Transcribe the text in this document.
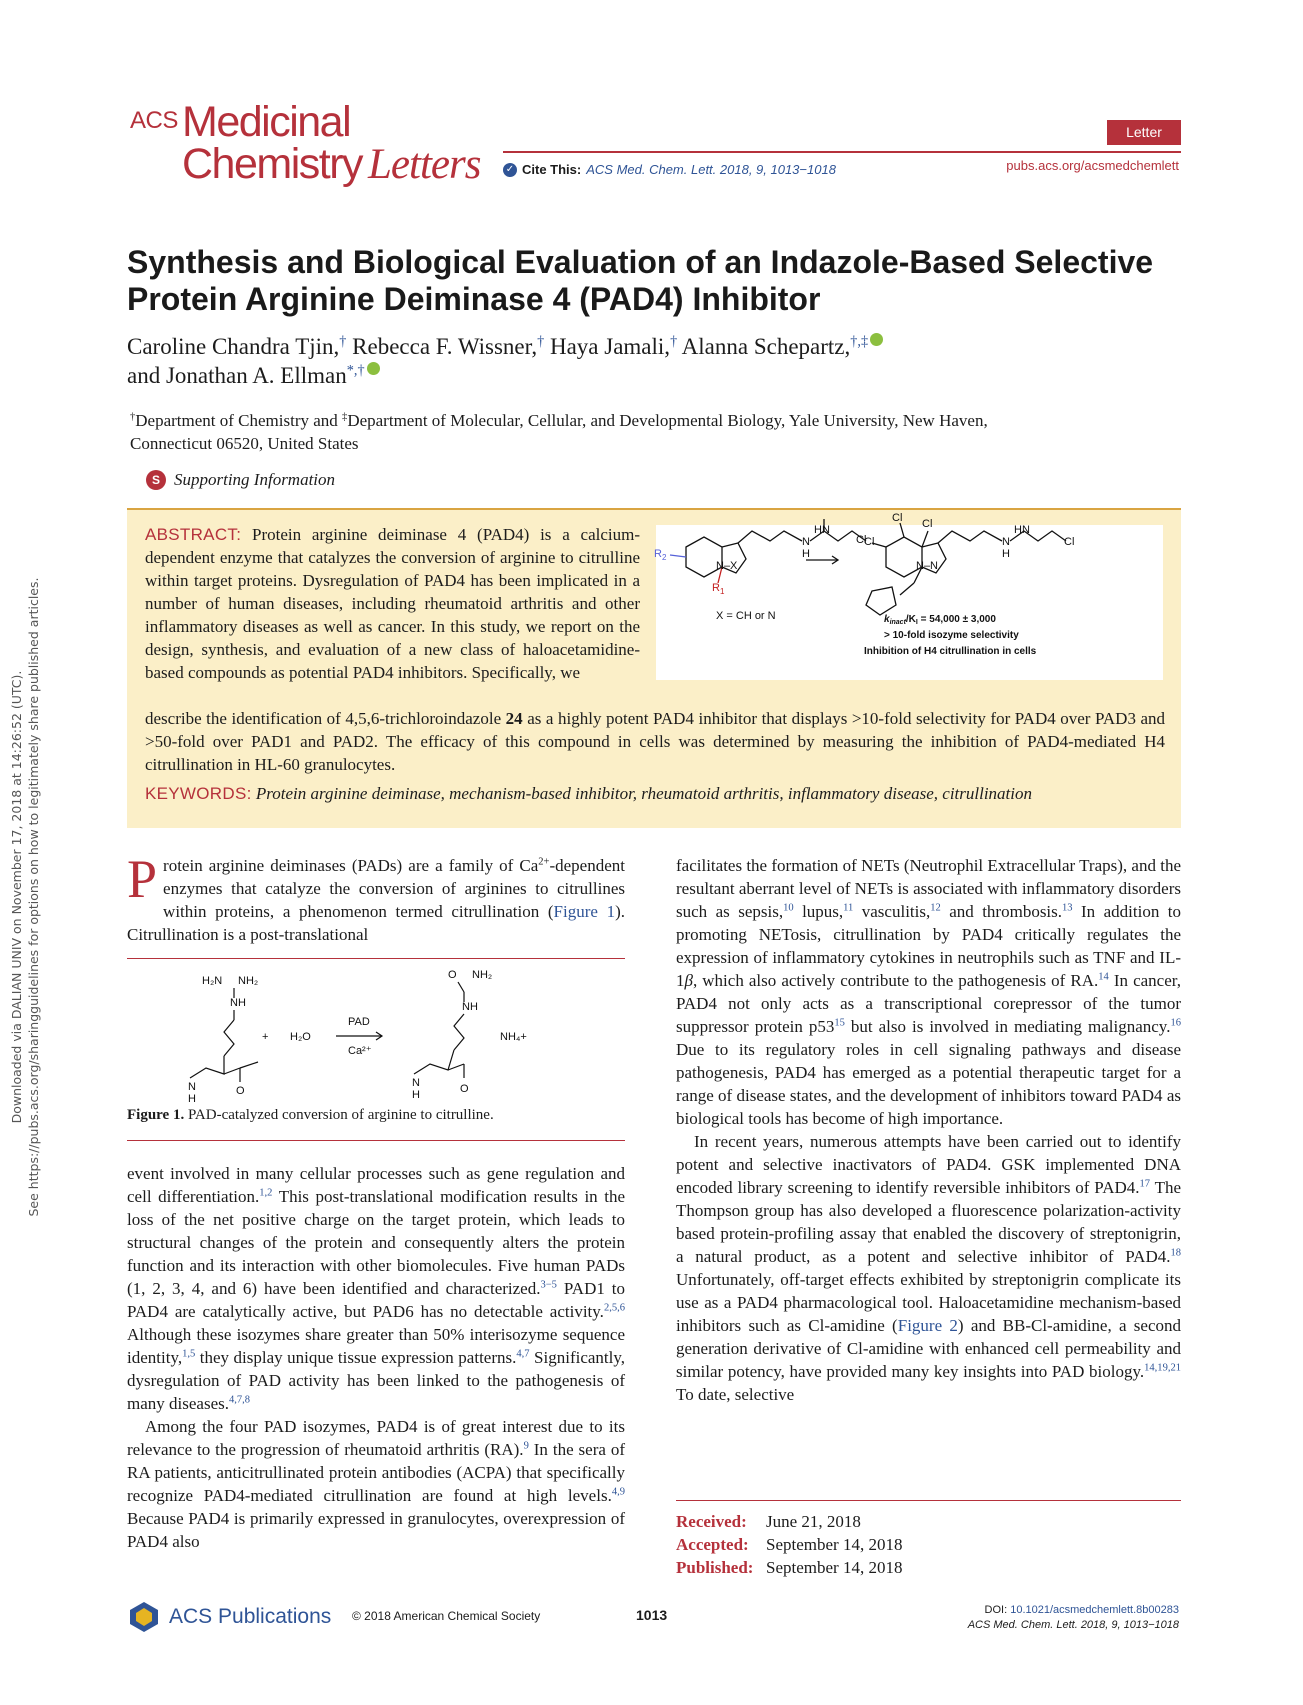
ACS Medicinal
Chemistry Letters
Letter
✓ Cite This: ACS Med. Chem. Lett. 2018, 9, 1013−1018	pubs.acs.org/acsmedchemlett
Synthesis and Biological Evaluation of an Indazole-Based Selective Protein Arginine Deiminase 4 (PAD4) Inhibitor
Caroline Chandra Tjin,† Rebecca F. Wissner,† Haya Jamali,† Alanna Schepartz,†,‡
and Jonathan A. Ellman*,†
†Department of Chemistry and ‡Department of Molecular, Cellular, and Developmental Biology, Yale University, New Haven,
Connecticut 06520, United States
S Supporting Information
ABSTRACT: Protein arginine deiminase 4 (PAD4) is a calcium-dependent enzyme that catalyzes the conversion of arginine to citrulline within target proteins. Dysregulation of PAD4 has been implicated in a number of human diseases, including rheumatoid arthritis and other inflammatory diseases as well as cancer. In this study, we report on the design, synthesis, and evaluation of a new class of haloacetamidine-based compounds as potential PAD4 inhibitors. Specifically, we
describe the identification of 4,5,6-trichloroindazole 24 as a highly potent PAD4 inhibitor that displays >10-fold selectivity for PAD4 over PAD3 and >50-fold over PAD1 and PAD2. The efficacy of this compound in cells was determined by measuring the inhibition of PAD4-mediated H4 citrullination in HL-60 granulocytes.
KEYWORDS: Protein arginine deiminase, mechanism-based inhibitor, rheumatoid arthritis, inflammatory disease, citrullination
HN
N
H
Cl
$R_2$
N–X
$R_1$
X = CH or N
Cl Cl
Cl
HN
N
H
Cl
N–N
$k_{inact}/K_I = 54,000 \pm 3,000$
> 10-fold isozyme selectivity
Inhibition of H4 citrullination in cells
Protein arginine deiminases (PADs) are a family of $Ca^{2+}$-dependent enzymes that catalyze the conversion of arginines to citrullines within proteins, a phenomenon termed citrullination (Figure 1). Citrullination is a post-translational
H₂N NH₂
NH
N
H
O
+ H₂O
PAD
Ca²⁺
O NH₂
NH
N
H	O
NH₄+
Figure 1. PAD-catalyzed conversion of arginine to citrulline.
event involved in many cellular processes such as gene regulation and cell differentiation.$^{1,2}$ This post-translational modification results in the loss of the net positive charge on the target protein, which leads to structural changes of the protein and consequently alters the protein function and its interaction with other biomolecules. Five human PADs (1, 2, 3, 4, and 6) have been identified and characterized.$^{3-5}$ PAD1 to PAD4 are catalytically active, but PAD6 has no detectable activity.$^{2,5,6}$ Although these isozymes share greater than 50% interisozyme sequence identity,$^{1,5}$ they display unique tissue expression patterns.$^{4,7}$ Significantly, dysregulation of PAD activity has been linked to the pathogenesis of many diseases.$^{4,7,8}$
Among the four PAD isozymes, PAD4 is of great interest due to its relevance to the progression of rheumatoid arthritis (RA).$^9$ In the sera of RA patients, anticitrullinated protein antibodies (ACPA) that specifically recognize PAD4-mediated citrullination are found at high levels.$^{4,9}$ Because PAD4 is primarily expressed in granulocytes, overexpression of PAD4 also
facilitates the formation of NETs (Neutrophil Extracellular Traps), and the resultant aberrant level of NETs is associated with inflammatory disorders such as sepsis,$^{10}$ lupus,$^{11}$ vasculitis,$^{12}$ and thrombosis.$^{13}$ In addition to promoting NETosis, citrullination by PAD4 critically regulates the expression of inflammatory cytokines in neutrophils such as TNF and IL-1β, which also actively contribute to the pathogenesis of RA.$^{14}$ In cancer, PAD4 not only acts as a transcriptional corepressor of the tumor suppressor protein $p53^{15}$ but also is involved in mediating malignancy.$^{16}$ Due to its regulatory roles in cell signaling pathways and disease pathogenesis, PAD4 has emerged as a potential therapeutic target for a range of disease states, and the development of inhibitors toward PAD4 as biological tools has become of high importance.
In recent years, numerous attempts have been carried out to identify potent and selective inactivators of PAD4. GSK implemented DNA encoded library screening to identify reversible inhibitors of PAD4.17 The Thompson group has also developed a fluorescence polarization-activity based protein-profiling assay that enabled the discovery of streptonigrin, a natural product, as a potent and selective inhibitor of PAD4.18 Unfortunately, off-target effects exhibited by streptonigrin complicate its use as a PAD4 pharmacological tool. Haloacetamidine mechanism-based inhibitors such as Cl-amidine (Figure 2) and BB-Cl-amidine, a second generation derivative of Cl-amidine with enhanced cell permeability and similar potency, have provided many key insights into PAD biology.$^{14,19,21}$ To date, selective
Received: June 21, 2018
Accepted: September 14, 2018
Published: September 14, 2018
ACS Publications © 2018 American Chemical Society	1013	DOI: 10.1021/acsmedchemlett.8b00283
ACS Med. Chem. Lett. 2018, 9, 1013−1018
Downloaded via DALIAN UNIV on November 17, 2018 at 14:26:52 (UTC). See https://pubs.acs.org/sharingguidelines for options on how to legitimately share published articles.
